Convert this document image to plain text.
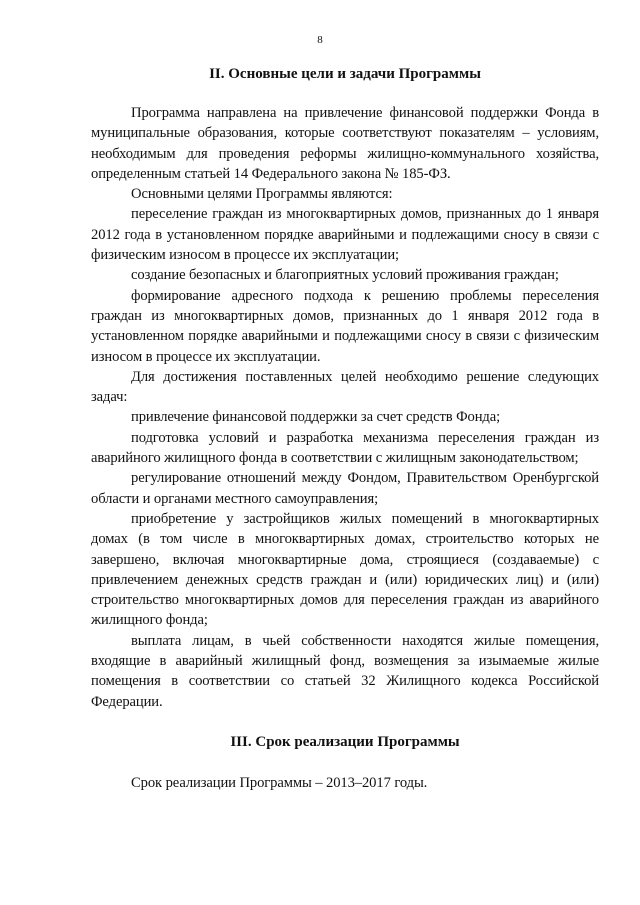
8
II. Основные цели и задачи Программы

Программа направлена на привлечение финансовой поддержки Фонда в муниципальные образования, которые соответствуют показателям – условиям, необходимым для проведения реформы жилищно-коммунального хозяйства, определенным статьей 14 Федерального закона № 185-ФЗ.

Основными целями Программы являются:

переселение граждан из многоквартирных домов, признанных до 1 января 2012 года в установленном порядке аварийными и подлежащими сносу в связи с физическим износом в процессе их эксплуатации;

создание безопасных и благоприятных условий проживания граждан;

формирование адресного подхода к решению проблемы переселения граждан из многоквартирных домов, признанных до 1 января 2012 года в установленном порядке аварийными и подлежащими сносу в связи с физическим износом в процессе их эксплуатации.

Для достижения поставленных целей необходимо решение следующих задач:

привлечение финансовой поддержки за счет средств Фонда;

подготовка условий и разработка механизма переселения граждан из аварийного жилищного фонда в соответствии с жилищным законодательством;

регулирование отношений между Фондом, Правительством Оренбургской области и органами местного самоуправления;

приобретение у застройщиков жилых помещений в многоквартирных домах (в том числе в многоквартирных домах, строительство которых не завершено, включая многоквартирные дома, строящиеся (создаваемые) с привлечением денежных средств граждан и (или) юридических лиц) и (или) строительство многоквартирных домов для переселения граждан из аварийного жилищного фонда;

выплата лицам, в чьей собственности находятся жилые помещения, входящие в аварийный жилищный фонд, возмещения за изымаемые жилые помещения в соответствии со статьей 32 Жилищного кодекса Российской Федерации.

III. Срок реализации Программы

Срок реализации Программы – 2013–2017 годы.
